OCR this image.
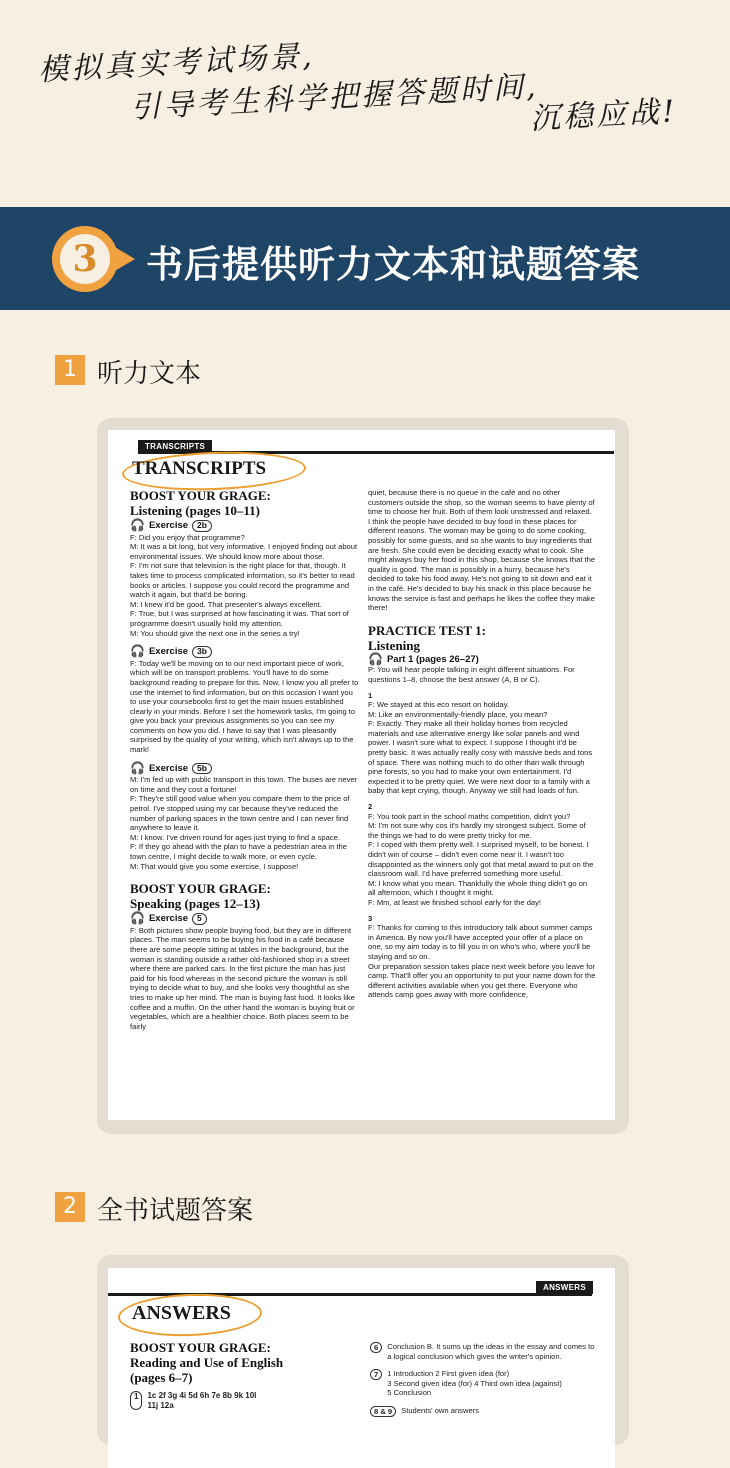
模拟真实考试场景,
引导考生科学把握答题时间,
沉稳应战!
3	书后提供听力文本和试题答案
1 听力文本
TRANSCRIPTS
TRANSCRIPTS
BOOST YOUR GRAGE:
Listening (pages 10–11)
🎧 Exercise	2b

F: Did you enjoy that programme?

M: It was a bit long, but very informative. I enjoyed finding out about environmental issues. We should know more about those.

F: I'm not sure that television is the right place for that, though. It takes time to process complicated information, so it's better to read books or articles. I suppose you could record the programme and watch it again, but that'd be boring.

M: I knew it'd be good. That presenter's always excellent.

F: True, but I was surprised at how fascinating it was. That sort of programme doesn't usually hold my attention.

M: You should give the next one in the series a try!

🎧 Exercise	3b

F: Today we'll be moving on to our next important piece of work, which will be on transport problems. You'll have to do some background reading to prepare for this. Now, I know you all prefer to use the internet to find information, but on this occasion I want you to use your coursebooks first to get the main issues established clearly in your minds. Before I set the homework tasks, I'm going to give you back your previous assignments so you can see my comments on how you did. I have to say that I was pleasantly surprised by the quality of your writing, which isn't always up to the mark!

🎧 Exercise	5b

M: I'm fed up with public transport in this town. The buses are never on time and they cost a fortune!

F: They're still good value when you compare them to the price of petrol. I've stopped using my car because they've reduced the number of parking spaces in the town centre and I can never find anywhere to leave it.

M: I know. I've driven round for ages just trying to find a space.

F: If they go ahead with the plan to have a pedestrian area in the town centre, I might decide to walk more, or even cycle.

M: That would give you some exercise, I suppose!

BOOST YOUR GRAGE:
Speaking (pages 12–13)
🎧 Exercise	5

F: Both pictures show people buying food, but they are in different places. The man seems to be buying his food in a café because there are some people sitting at tables in the background, but the woman is standing outside a rather old-fashioned shop in a street where there are parked cars. In the first picture the man has just paid for his food whereas in the second picture the woman is still trying to decide what to buy, and she looks very thoughtful as she tries to make up her mind. The man is buying fast food. It looks like coffee and a muffin. On the other hand the woman is buying fruit or vegetables, which are a healthier choice. Both places seem to be fairly

quiet, because there is no queue in the café and no other customers outside the shop, so the woman seems to have plenty of time to choose her fruit. Both of them look unstressed and relaxed.

I think the people have decided to buy food in these places for different reasons. The woman may be going to do some cooking, possibly for some guests, and so she wants to buy ingredients that are fresh. She could even be deciding exactly what to cook. She might always buy her food in this shop, because she knows that the quality is good. The man is possibly in a hurry, because he's decided to take his food away. He's not going to sit down and eat it in the café. He's decided to buy his snack in this place because he knows the service is fast and perhaps he likes the coffee they make there!

PRACTICE TEST 1:
Listening
🎧 Part 1 (pages 26–27)

P: You will hear people talking in eight different situations. For questions 1–8, choose the best answer (A, B or C).

1

F: We stayed at this eco resort on holiday.

M: Like an environmentally-friendly place, you mean?

F: Exactly. They make all their holiday homes from recycled materials and use alternative energy like solar panels and wind power. I wasn't sure what to expect. I suppose I thought it'd be pretty basic. It was actually really cosy with massive beds and tons of space. There was nothing much to do other than walk through pine forests, so you had to make your own entertainment. I'd expected it to be pretty quiet. We were next door to a family with a baby that kept crying, though. Anyway we still had loads of fun.

2

F: You took part in the school maths competition, didn't you?

M: I'm not sure why cos it's hardly my strongest subject. Some of the things we had to do were pretty tricky for me.

F: I coped with them pretty well. I surprised myself, to be honest. I didn't win of course – didn't even come near it. I wasn't too disappointed as the winners only got that metal award to put on the classroom wall. I'd have preferred something more useful.

M: I know what you mean. Thankfully the whole thing didn't go on all afternoon, which I thought it might.

F: Mm, at least we finished school early for the day!

3

F: Thanks for coming to this introductory talk about summer camps in America. By now you'll have accepted your offer of a place on one, so my aim today is to fill you in on who's who, where you'll be staying and so on.

Our preparation session takes place next week before you leave for camp. That'll offer you an opportunity to put your name down for the different activities available when you get there. Everyone who attends camp goes away with more confidence,

2 全书试题答案
ANSWERS
ANSWERS
BOOST YOUR GRAGE:
Reading and Use of English
(pages 6–7)
1	1c 2f 3g 4i 5d 6h 7e 8b 9k 10l

11j 12a

6	Conclusion B. It sums up the ideas in the essay and comes to a logical conclusion which gives the writer's opinion.

7	1 Introduction 2 First given idea (for)

3 Second given idea (for) 4 Third own idea (against)

5 Conclusion

8 & 9	Students' own answers
